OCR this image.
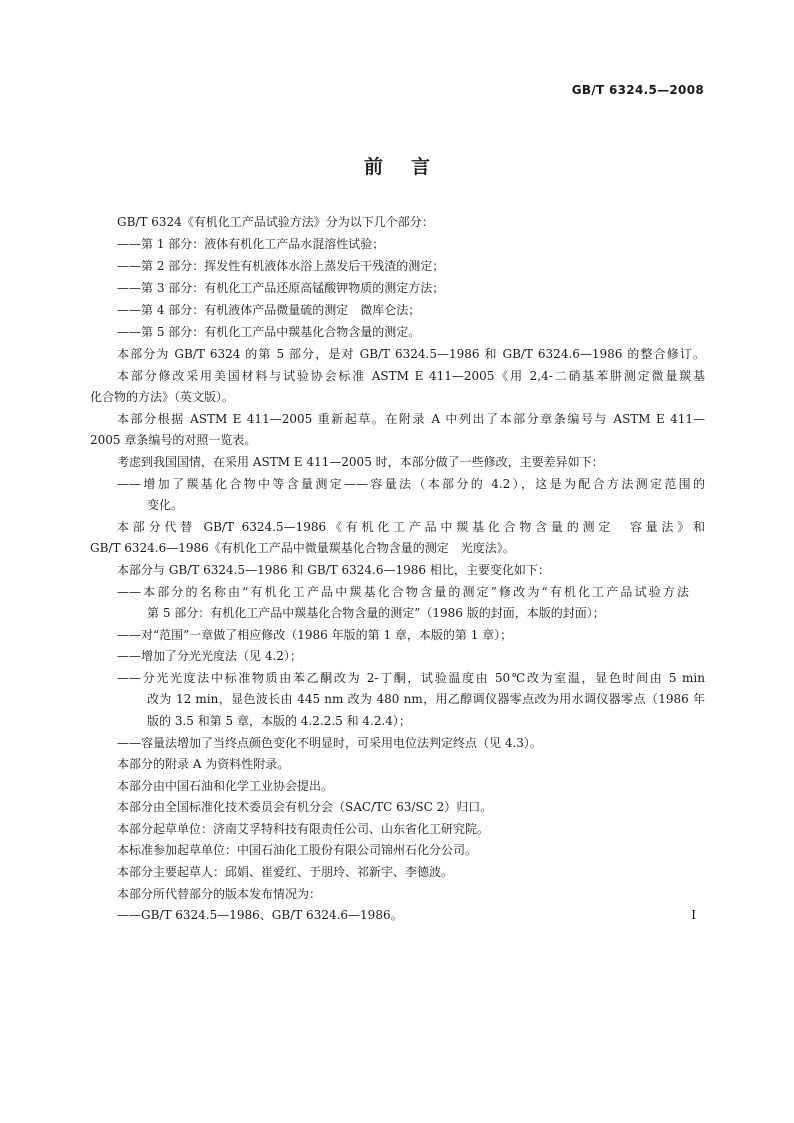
GB/T 6324.5—2008
前言
GB/T 6324《有机化工产品试验方法》分为以下几个部分：
——第 1 部分：液体有机化工产品水混溶性试验；
——第 2 部分：挥发性有机液体水浴上蒸发后干残渣的测定；
——第 3 部分：有机化工产品还原高锰酸钾物质的测定方法；
——第 4 部分：有机液体产品微量硫的测定　微库仑法；
——第 5 部分：有机化工产品中羰基化合物含量的测定。
本部分为 GB/T 6324 的第 5 部分，是对 GB/T 6324.5—1986 和 GB/T 6324.6—1986 的整合修订。
本部分修改采用美国材料与试验协会标准 ASTM E 411—2005《用 2,4-二硝基苯肼测定微量羰基
化合物的方法》（英文版）。
本部分根据 ASTM E 411—2005 重新起草。在附录 A 中列出了本部分章条编号与 ASTM E 411—
2005 章条编号的对照一览表。
考虑到我国国情，在采用 ASTM E 411—2005 时，本部分做了一些修改，主要差异如下：
——增加了羰基化合物中等含量测定——容量法（本部分的 4.2），这是为配合方法测定范围的
变化。
本部分代替 GB/T 6324.5—1986《有机化工产品中羰基化合物含量的测定　容量法》和
GB/T 6324.6—1986《有机化工产品中微量羰基化合物含量的测定　光度法》。
本部分与 GB/T 6324.5—1986 和 GB/T 6324.6—1986 相比，主要变化如下：
——本部分的名称由“有机化工产品中羰基化合物含量的测定”修改为“有机化工产品试验方法
第 5 部分：有机化工产品中羰基化合物含量的测定”（1986 版的封面，本版的封面）；
——对“范围”一章做了相应修改（1986 年版的第 1 章，本版的第 1 章）；
——增加了分光光度法（见 4.2）；
——分光光度法中标准物质由苯乙酮改为 2-丁酮，试验温度由 50℃改为室温，显色时间由 5 min
改为 12 min，显色波长由 445 nm 改为 480 nm，用乙醇调仪器零点改为用水调仪器零点（1986 年
版的 3.5 和第 5 章，本版的 4.2.2.5 和 4.2.4）；
——容量法增加了当终点颜色变化不明显时，可采用电位法判定终点（见 4.3）。
本部分的附录 A 为资料性附录。
本部分由中国石油和化学工业协会提出。
本部分由全国标准化技术委员会有机分会（SAC/TC 63/SC 2）归口。
本部分起草单位：济南艾孚特科技有限责任公司、山东省化工研究院。
本标准参加起草单位：中国石油化工股份有限公司锦州石化分公司。
本部分主要起草人：邱娟、崔爱红、于朋玲、祁新宇、李德波。
本部分所代替部分的版本发布情况为：
——GB/T 6324.5—1986、GB/T 6324.6—1986。	I
